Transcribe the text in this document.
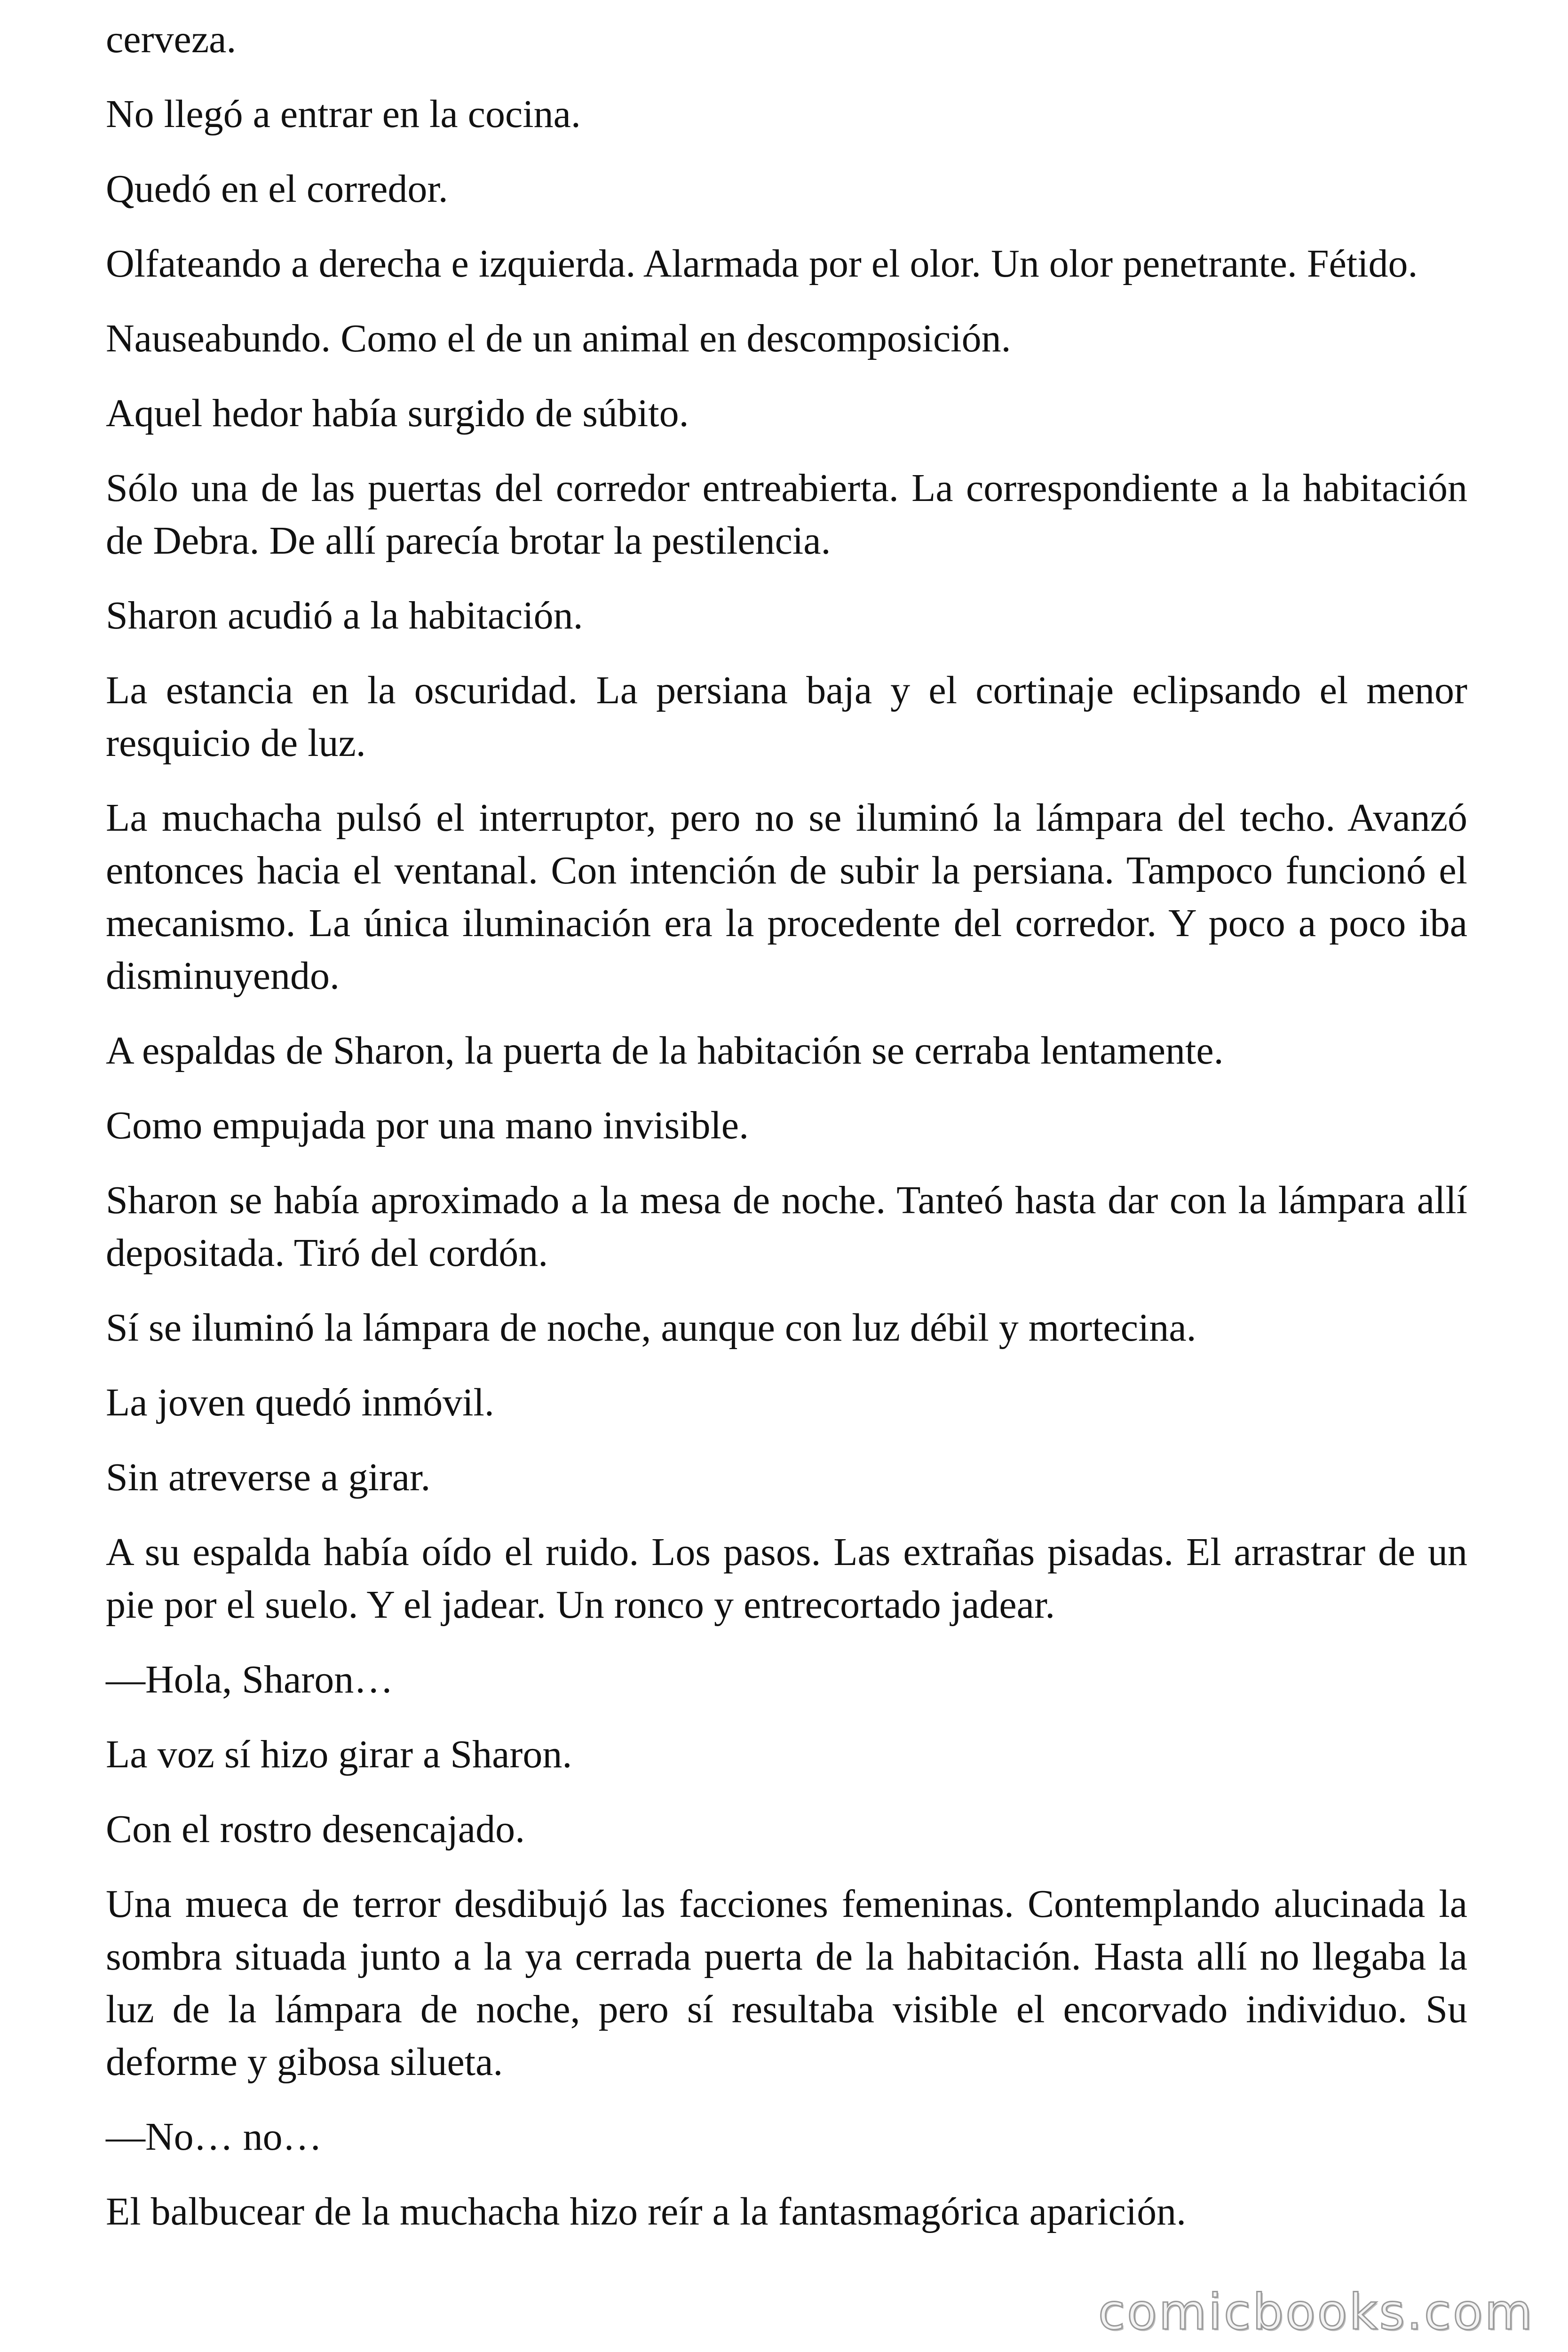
cerveza.

No llegó a entrar en la cocina.

Quedó en el corredor.

Olfateando a derecha e izquierda. Alarmada por el olor. Un olor penetrante. Fétido.

Nauseabundo. Como el de un animal en descomposición.

Aquel hedor había surgido de súbito.

Sólo una de las puertas del corredor entreabierta. La correspondiente a la habitación de Debra. De allí parecía brotar la pestilencia.

Sharon acudió a la habitación.

La estancia en la oscuridad. La persiana baja y el cortinaje eclipsando el menor resquicio de luz.

La muchacha pulsó el interruptor, pero no se iluminó la lámpara del techo. Avanzó entonces hacia el ventanal. Con intención de subir la persiana. Tampoco funcionó el mecanismo. La única iluminación era la procedente del corredor. Y poco a poco iba disminuyendo.

A espaldas de Sharon, la puerta de la habitación se cerraba lentamente.

Como empujada por una mano invisible.

Sharon se había aproximado a la mesa de noche. Tanteó hasta dar con la lámpara allí depositada. Tiró del cordón.

Sí se iluminó la lámpara de noche, aunque con luz débil y mortecina.

La joven quedó inmóvil.

Sin atreverse a girar.

A su espalda había oído el ruido. Los pasos. Las extrañas pisadas. El arrastrar de un pie por el suelo. Y el jadear. Un ronco y entrecortado jadear.

—Hola, Sharon…

La voz sí hizo girar a Sharon.

Con el rostro desencajado.

Una mueca de terror desdibujó las facciones femeninas. Contemplando alucinada la sombra situada junto a la ya cerrada puerta de la habitación. Hasta allí no llegaba la luz de la lámpara de noche, pero sí resultaba visible el encorvado individuo. Su deforme y gibosa silueta.

—No… no…

El balbucear de la muchacha hizo reír a la fantasmagórica aparición.

comicbooks.com
